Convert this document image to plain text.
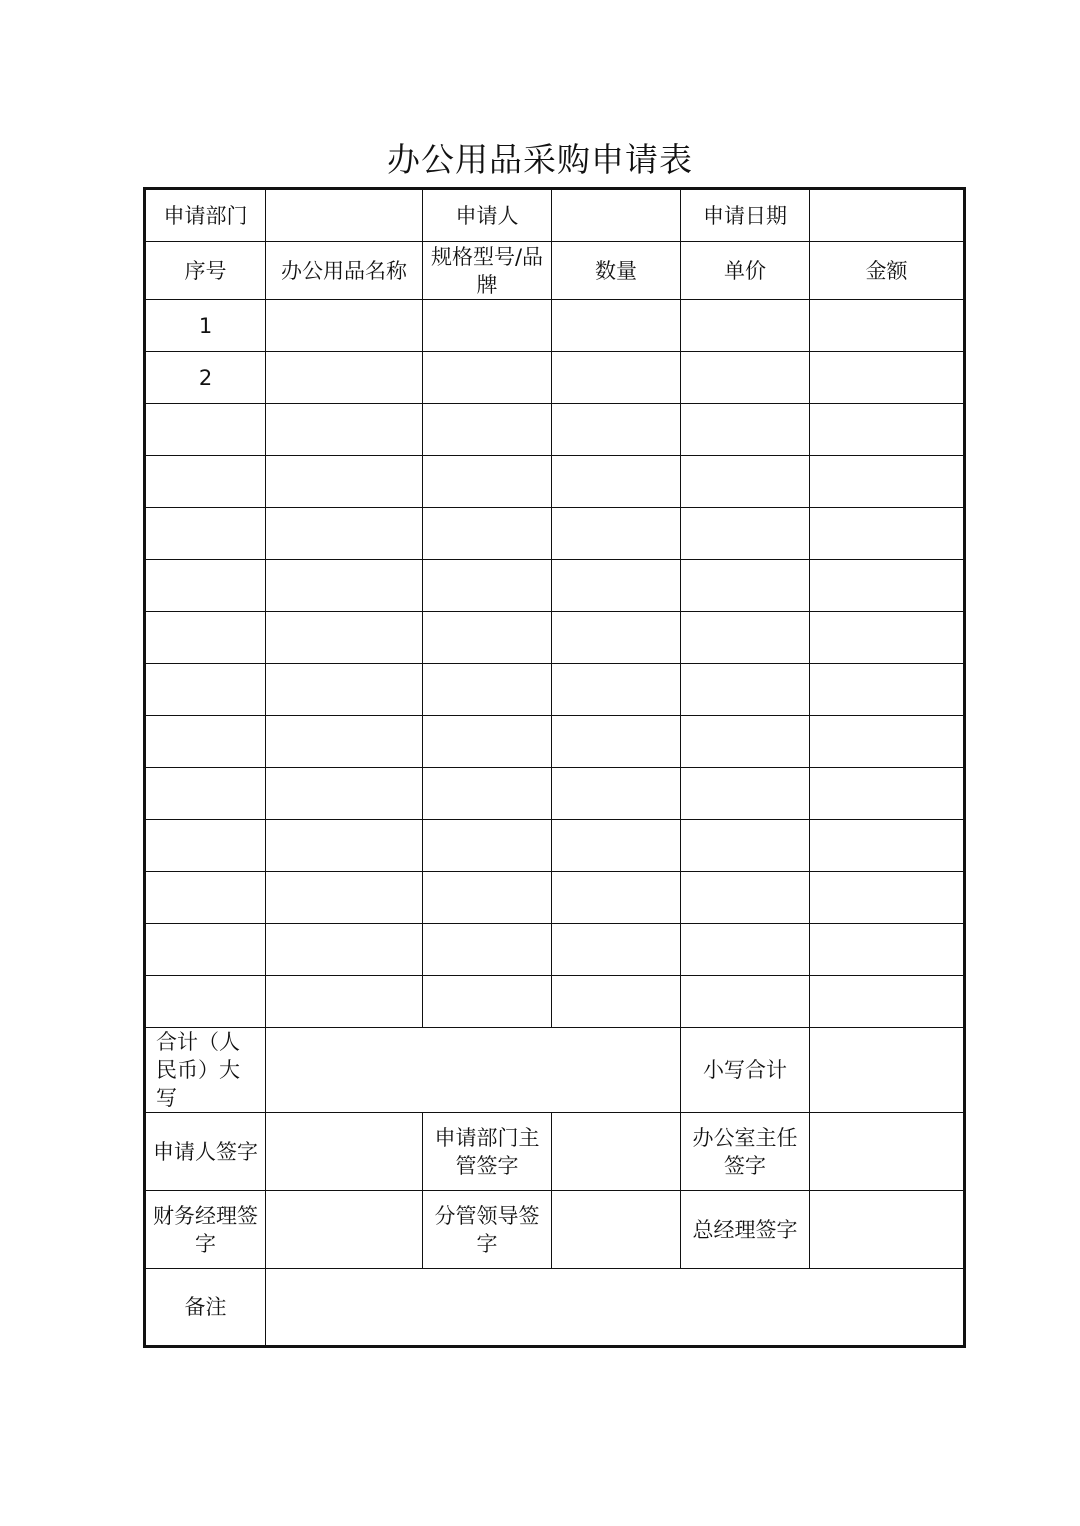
办公用品采购申请表
申请部门		申请人		申请日期	
序号	办公用品名称	规格型号/品牌	数量	单价	金额
1					
2					

合计（人民币）大写				小写合计	
申请人签字		申请部门主管签字		办公室主任签字	
财务经理签字		分管领导签字		总经理签字	
备注					
